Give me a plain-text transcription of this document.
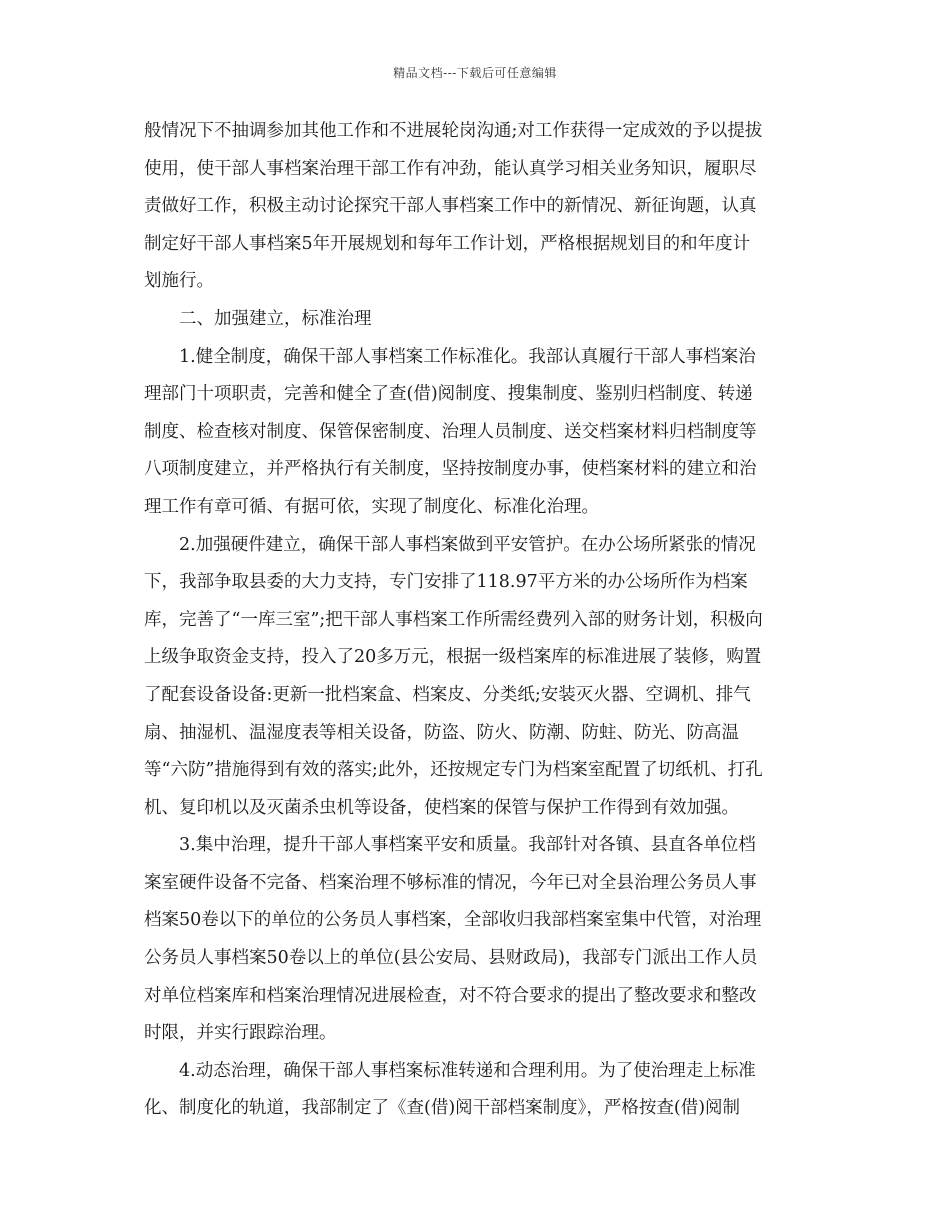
精品文档---下载后可任意编辑
般情况下不抽调参加其他工作和不进展轮岗沟通;对工作获得一定成效的予以提拔
使用，使干部人事档案治理干部工作有冲劲，能认真学习相关业务知识，履职尽
责做好工作，积极主动讨论探究干部人事档案工作中的新情况、新征询题，认真
制定好干部人事档案5年开展规划和每年工作计划，严格根据规划目的和年度计
划施行。
二、加强建立，标准治理
1.健全制度，确保干部人事档案工作标准化。我部认真履行干部人事档案治
理部门十项职责，完善和健全了查(借)阅制度、搜集制度、鉴别归档制度、转递
制度、检查核对制度、保管保密制度、治理人员制度、送交档案材料归档制度等
八项制度建立，并严格执行有关制度，坚持按制度办事，使档案材料的建立和治
理工作有章可循、有据可依，实现了制度化、标准化治理。
2.加强硬件建立，确保干部人事档案做到平安管护。在办公场所紧张的情况
下，我部争取县委的大力支持，专门安排了118.97平方米的办公场所作为档案
库，完善了“一库三室”;把干部人事档案工作所需经费列入部的财务计划，积极向
上级争取资金支持，投入了20多万元，根据一级档案库的标准进展了装修，购置
了配套设备设备:更新一批档案盒、档案皮、分类纸;安装灭火器、空调机、排气
扇、抽湿机、温湿度表等相关设备，防盗、防火、防潮、防蛀、防光、防高温
等“六防”措施得到有效的落实;此外，还按规定专门为档案室配置了切纸机、打孔
机、复印机以及灭菌杀虫机等设备，使档案的保管与保护工作得到有效加强。
3.集中治理，提升干部人事档案平安和质量。我部针对各镇、县直各单位档
案室硬件设备不完备、档案治理不够标准的情况，今年已对全县治理公务员人事
档案50卷以下的单位的公务员人事档案，全部收归我部档案室集中代管，对治理
公务员人事档案50卷以上的单位(县公安局、县财政局)，我部专门派出工作人员
对单位档案库和档案治理情况进展检查，对不符合要求的提出了整改要求和整改
时限，并实行跟踪治理。
4.动态治理，确保干部人事档案标准转递和合理利用。为了使治理走上标准
化、制度化的轨道，我部制定了《查(借)阅干部档案制度》，严格按查(借)阅制
